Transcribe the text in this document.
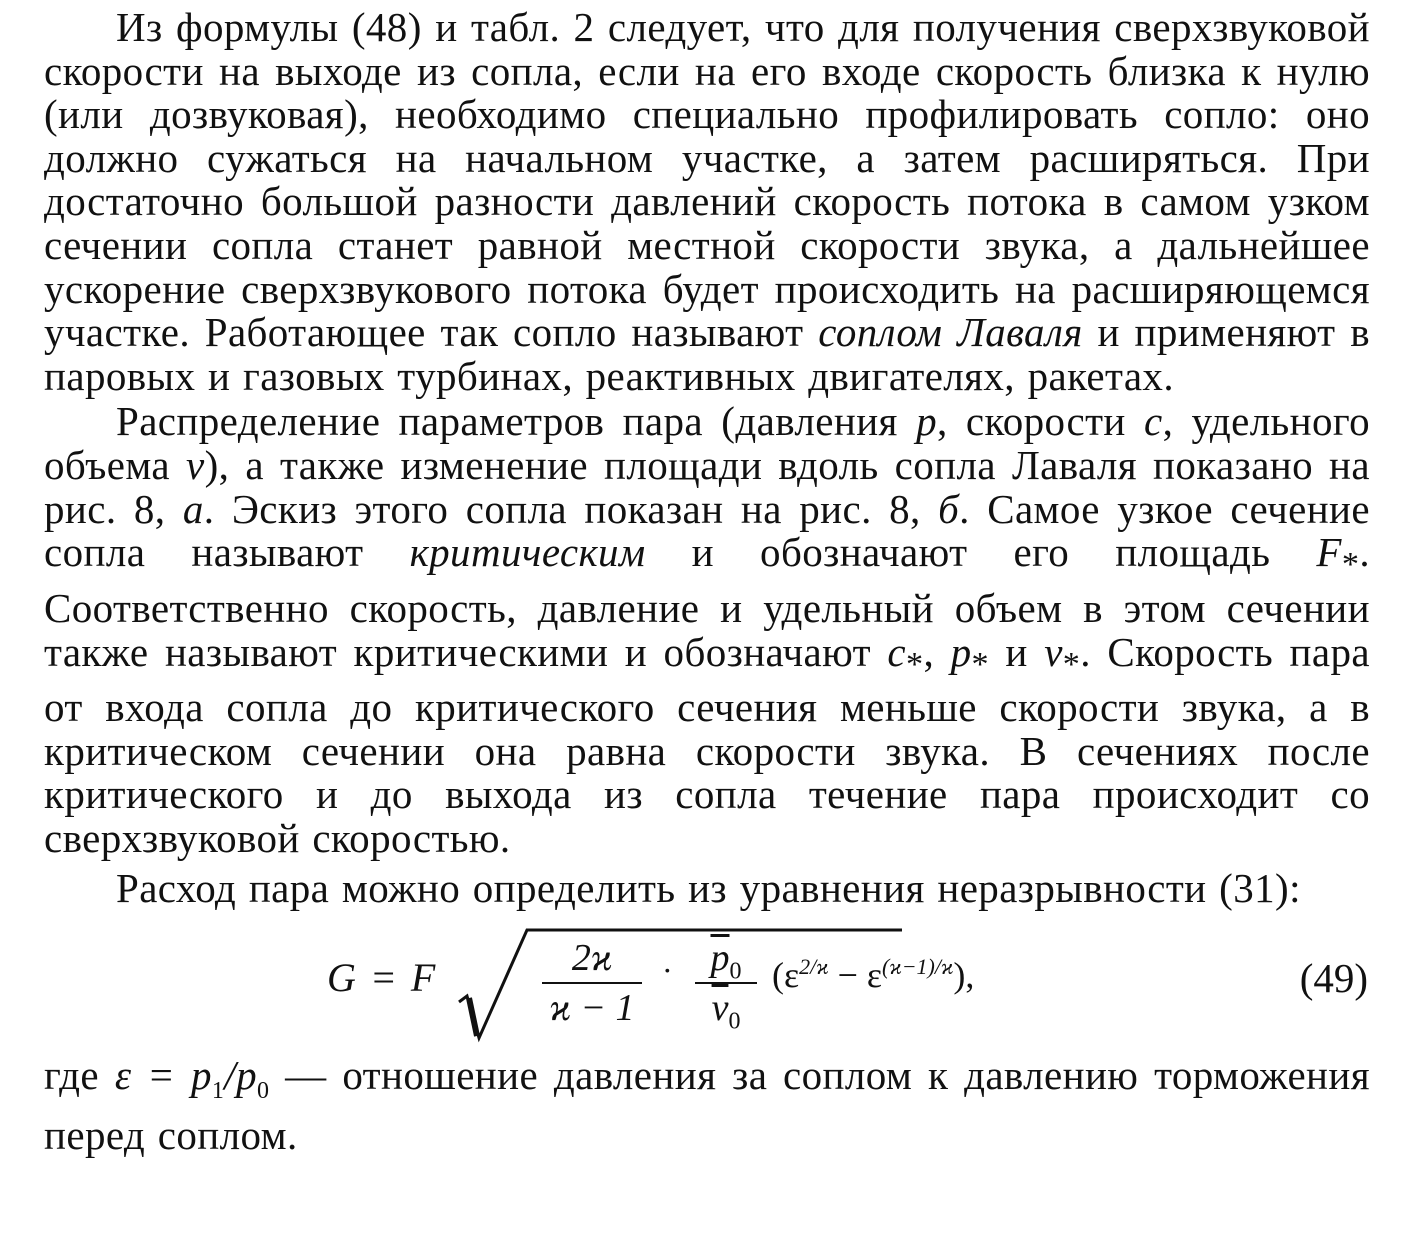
Из формулы (48) и табл. 2 следует, что для получения сверхзвуковой скорости на выходе из сопла, если на его входе скорость близка к нулю (или дозвуковая), необходимо специально профилировать сопло: оно должно сужаться на начальном участке, а затем расширяться. При достаточно большой разности давлений скорость потока в самом узком сечении сопла станет равной местной скорости звука, а дальнейшее ускорение сверхзвукового потока будет происходить на расширяющемся участке. Работающее так сопло называют соплом Лаваля и применяют в паровых и газовых турбинах, реактивных двигателях, ракетах.

Распределение параметров пара (давления p, скорости c, удельного объема v), а также изменение площади вдоль сопла Лаваля показано на рис. 8, а. Эскиз этого сопла показан на рис. 8, б. Самое узкое сечение сопла называют критическим и обозначают его площадь $F_*$. Соответственно скорость, давление и удельный объем в этом сечении также называют критическими и обозначают $c_*$, $p_*$ и $v_*$. Скорость пара от входа сопла до критического сечения меньше скорости звука, а в критическом сечении она равна скорости звука. В сечениях после критического и до выхода из сопла течение пара происходит со сверхзвуковой скоростью.

Расход пара можно определить из уравнения неразрывности (31):

G = F	2ϰ
ϰ − 1
· $\overline{p}_0$
$\overline{v}_0$
$(\varepsilon^{2/ϰ} - \varepsilon^{(ϰ-1)/ϰ})$,	(49)

где $\varepsilon = p_1/p_0$ — отношение давления за соплом к давлению торможения перед соплом.
